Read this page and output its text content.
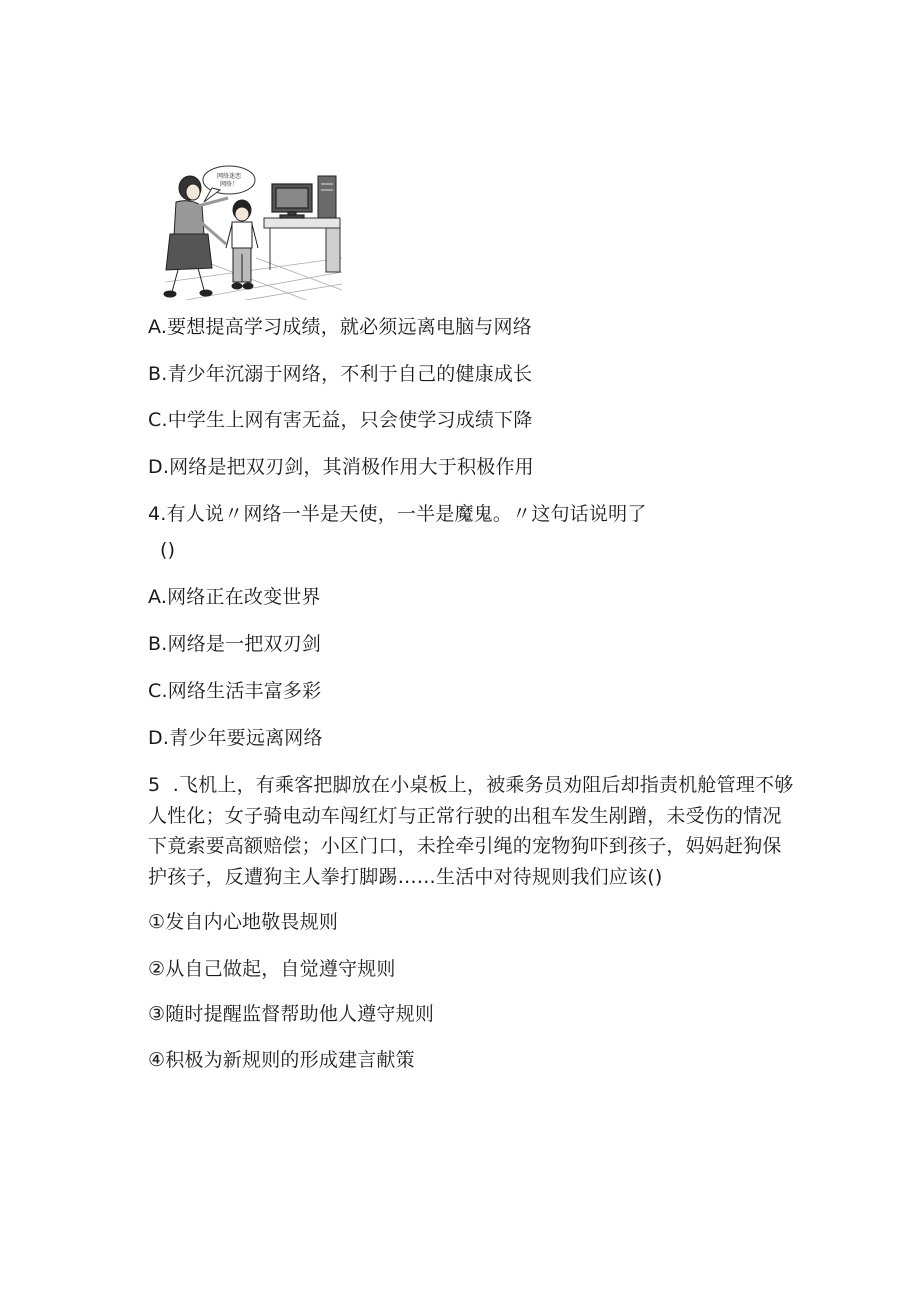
网络迷恋
网络！
A.要想提高学习成绩，就必须远离电脑与网络
B.青少年沉溺于网络，不利于自己的健康成长
C.中学生上网有害无益，只会使学习成绩下降
D.网络是把双刃剑，其消极作用大于积极作用
4.有人说〃网络一半是天使，一半是魔鬼。〃这句话说明了
()
A.网络正在改变世界
B.网络是一把双刃剑
C.网络生活丰富多彩
D.青少年要远离网络
5  .飞机上，有乘客把脚放在小桌板上，被乘务员劝阻后却指责机舱管理不够
人性化；女子骑电动车闯红灯与正常行驶的出租车发生剐蹭，未受伤的情况
下竟索要高额赔偿；小区门口，未拴牵引绳的宠物狗吓到孩子，妈妈赶狗保
护孩子，反遭狗主人拳打脚踢……生活中对待规则我们应该()
①发自内心地敬畏规则
②从自己做起，自觉遵守规则
③随时提醒监督帮助他人遵守规则
④积极为新规则的形成建言献策
